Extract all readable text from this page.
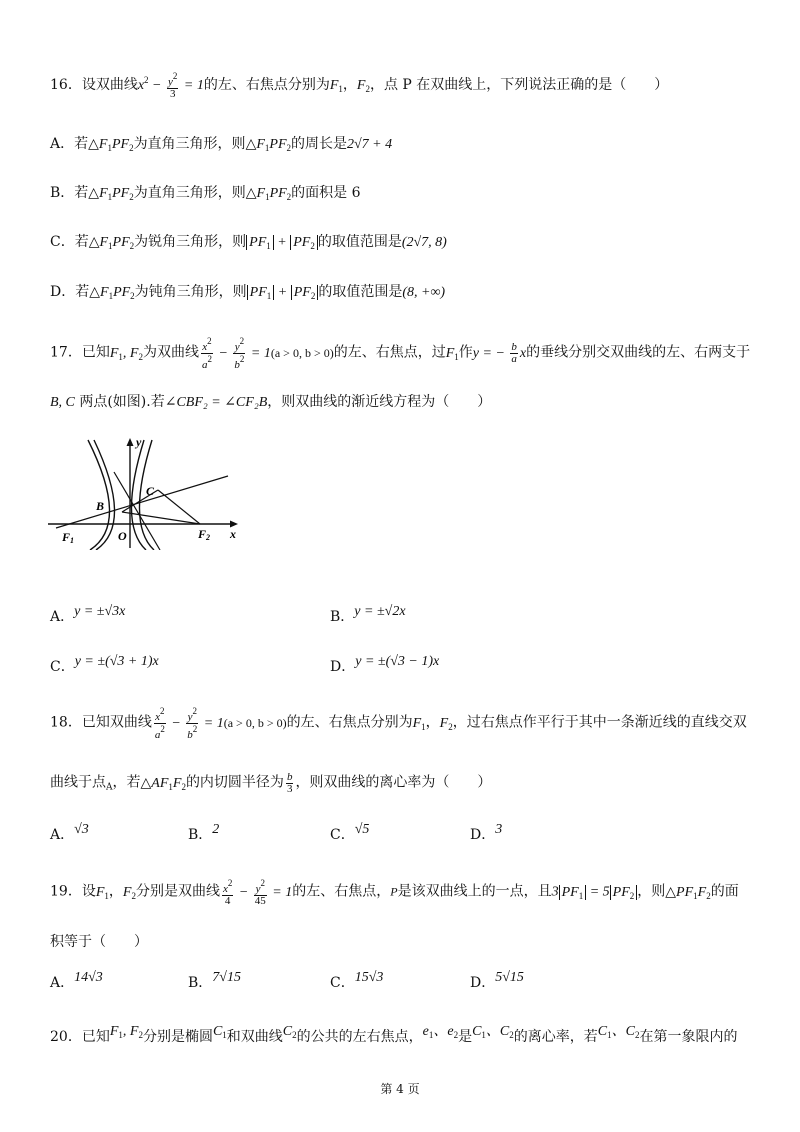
16．设双曲线$x^2 - \frac{y^2}{3} = 1$的左、右焦点分别为$F_1$，$F_2$，点 P 在双曲线上，下列说法正确的是（　　）
A．若$\triangle F_1PF_2$为直角三角形，则$\triangle F_1PF_2$的周长是2√7 + 4
B．若$\triangle F_1PF_2$为直角三角形，则$\triangle F_1PF_2$的面积是 6
C．若$\triangle F_1PF_2$为锐角三角形，则 $PF_1 + PF_2$ 的取值范围是(2√7, 8)
D．若$\triangle F_1PF_2$为钝角三角形，则 $PF_1 + PF_2$ 的取值范围是(8, +∞)
17．已知$F_1$, $F_2$为双曲线 $\frac{x^2}{a^2} - \frac{y^2}{b^2} = 1(a > 0$, b > 0)的左、右焦点，过$F_1$作y = − $\frac{b}{a}$ x的垂线分别交双曲线的左、右两支于
B, C 两点(如图).若∠CBF₂ = ∠CF₂B，则双曲线的渐近线方程为（　　）
y
x
B
C
O
F1	F2
A．y = ±√3x	B．y = ±√2x
C．y = ±(√3 + 1)x	D．y = ±(√3 − 1)x
18．已知双曲线 $\frac{x^2}{a^2} - \frac{y^2}{b^2} = 1(a > 0$, b > 0)的左、右焦点分别为$F_1$，$F_2$，过右焦点作平行于其中一条渐近线的直线交双
曲线于点$_A$，若$\triangle AF_1F_2$的内切圆半径为 $\frac{b}{3}$ ，则双曲线的离心率为（　　）
A．√3	B．2	C．√5	D．3
19．设$F_1$，$F_2$分别是双曲线 $\frac{x^2}{4} - \frac{y^2}{45} = 1$的左、右焦点，P是该双曲线上的一点，且3 $PF_1 = 5$ $PF_2$ ，则$\triangle PF_1F_2$的面
积等于（　　）
A．14√3	B．7√15	C．15√3	D．5√15
20．已知$F_1$, $F_2$分别是椭圆$C_1$和双曲线$C_2$的公共的左右焦点，$e_1$、$e_2$是$C_1$、$C_2$的离心率，若$C_1$、$C_2$在第一象限内的
第 4 页
